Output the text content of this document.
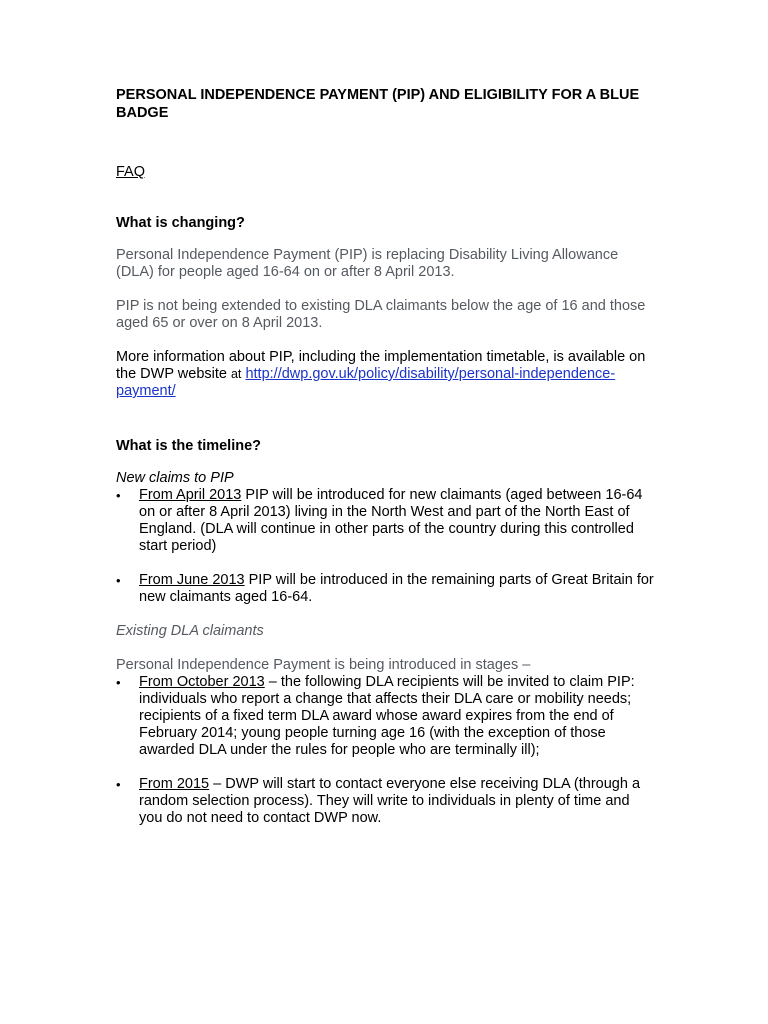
PERSONAL INDEPENDENCE PAYMENT (PIP) AND ELIGIBILITY FOR A BLUE BADGE

FAQ

What is changing?

Personal Independence Payment (PIP) is replacing Disability Living Allowance (DLA) for people aged 16-64 on or after 8 April 2013.

PIP is not being extended to existing DLA claimants below the age of 16 and those aged 65 or over on 8 April 2013.

More information about PIP, including the implementation timetable, is available on the DWP website at http://dwp.gov.uk/policy/disability/personal-independence-payment/

What is the timeline?

New claims to PIP

• From April 2013 PIP will be introduced for new claimants (aged between 16-64 on or after 8 April 2013) living in the North West and part of the North East of England. (DLA will continue in other parts of the country during this controlled start period)
• From June 2013 PIP will be introduced in the remaining parts of Great Britain for new claimants aged 16-64.

Existing DLA claimants

Personal Independence Payment is being introduced in stages –

• From October 2013 – the following DLA recipients will be invited to claim PIP: individuals who report a change that affects their DLA care or mobility needs; recipients of a fixed term DLA award whose award expires from the end of February 2014; young people turning age 16 (with the exception of those awarded DLA under the rules for people who are terminally ill);
• From 2015 – DWP will start to contact everyone else receiving DLA (through a random selection process). They will write to individuals in plenty of time and you do not need to contact DWP now.
